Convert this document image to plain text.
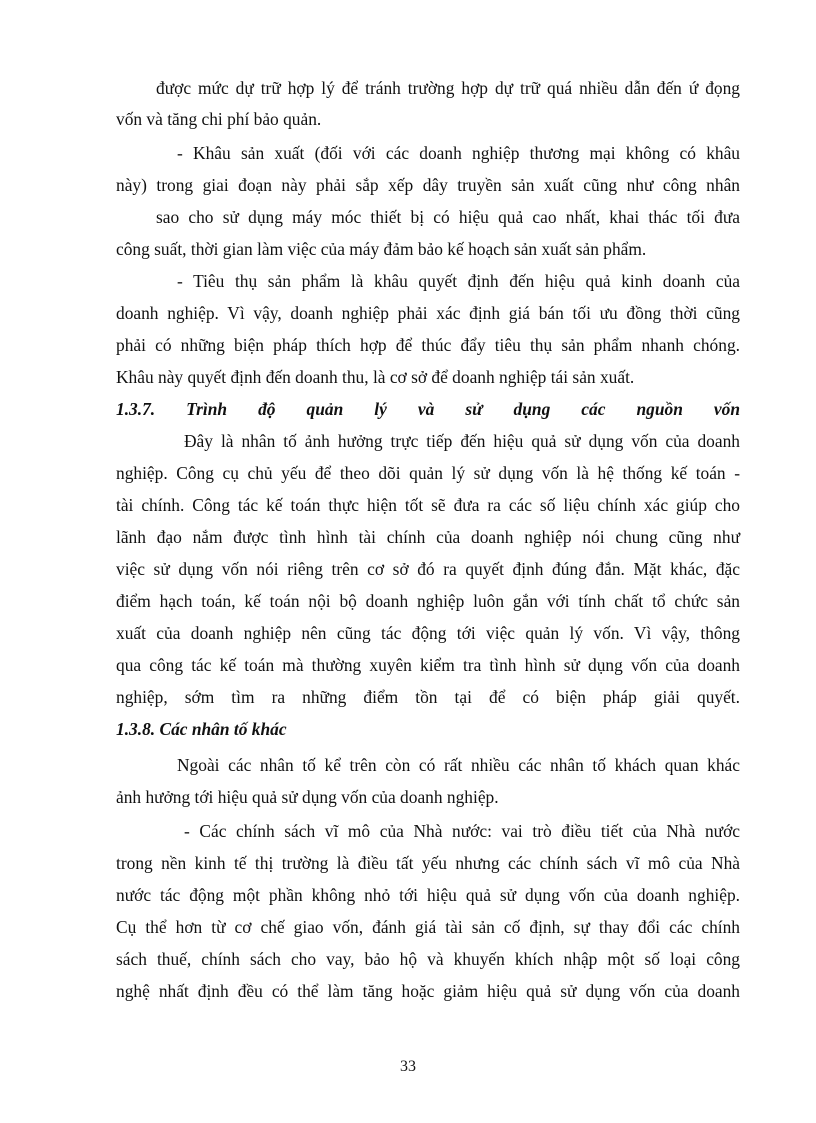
được mức dự trữ hợp lý để tránh trường hợp dự trữ quá nhiều dẫn đến ứ đọng
vốn và tăng chi phí bảo quản.
- Khâu sản xuất (đối với các doanh nghiệp thương mại không có khâu
này) trong giai đoạn này phải sắp xếp dây truyền sản xuất cũng như công nhân
sao cho sử dụng máy móc thiết bị có hiệu quả cao nhất, khai thác tối đưa
công suất, thời gian làm việc của máy đảm bảo kế hoạch sản xuất sản phẩm.
- Tiêu thụ sản phẩm là khâu quyết định đến hiệu quả kinh doanh của
doanh nghiệp. Vì vậy, doanh nghiệp phải xác định giá bán tối ưu đồng thời cũng
phải có những biện pháp thích hợp để thúc đẩy tiêu thụ sản phẩm nhanh chóng.
Khâu này quyết định đến doanh thu, là cơ sở để doanh nghiệp tái sản xuất.
1.3.7. Trình độ quản lý và sử dụng các nguồn vốn
Đây là nhân tố ảnh hưởng trực tiếp đến hiệu quả sử dụng vốn của doanh
nghiệp. Công cụ chủ yếu để theo dõi quản lý sử dụng vốn là hệ thống kế toán -
tài chính. Công tác kế toán thực hiện tốt sẽ đưa ra các số liệu chính xác giúp cho
lãnh đạo nắm được tình hình tài chính của doanh nghiệp nói chung cũng như
việc sử dụng vốn nói riêng trên cơ sở đó ra quyết định đúng đắn. Mặt khác, đặc
điểm hạch toán, kế toán nội bộ doanh nghiệp luôn gắn với tính chất tổ chức sản
xuất của doanh nghiệp nên cũng tác động tới việc quản lý vốn. Vì vậy, thông
qua công tác kế toán mà thường xuyên kiểm tra tình hình sử dụng vốn của doanh
nghiệp, sớm tìm ra những điểm tồn tại để có biện pháp giải quyết.
1.3.8. Các nhân tố khác
Ngoài các nhân tố kể trên còn có rất nhiều các nhân tố khách quan khác
ảnh hưởng tới hiệu quả sử dụng vốn của doanh nghiệp.
- Các chính sách vĩ mô của Nhà nước: vai trò điều tiết của Nhà nước
trong nền kinh tế thị trường là điều tất yếu nhưng các chính sách vĩ mô của Nhà
nước tác động một phần không nhỏ tới hiệu quả sử dụng vốn của doanh nghiệp.
Cụ thể hơn từ cơ chế giao vốn, đánh giá tài sản cố định, sự thay đổi các chính
sách thuế, chính sách cho vay, bảo hộ và khuyến khích nhập một số loại công
nghệ nhất định đều có thể làm tăng hoặc giảm hiệu quả sử dụng vốn của doanh
33
